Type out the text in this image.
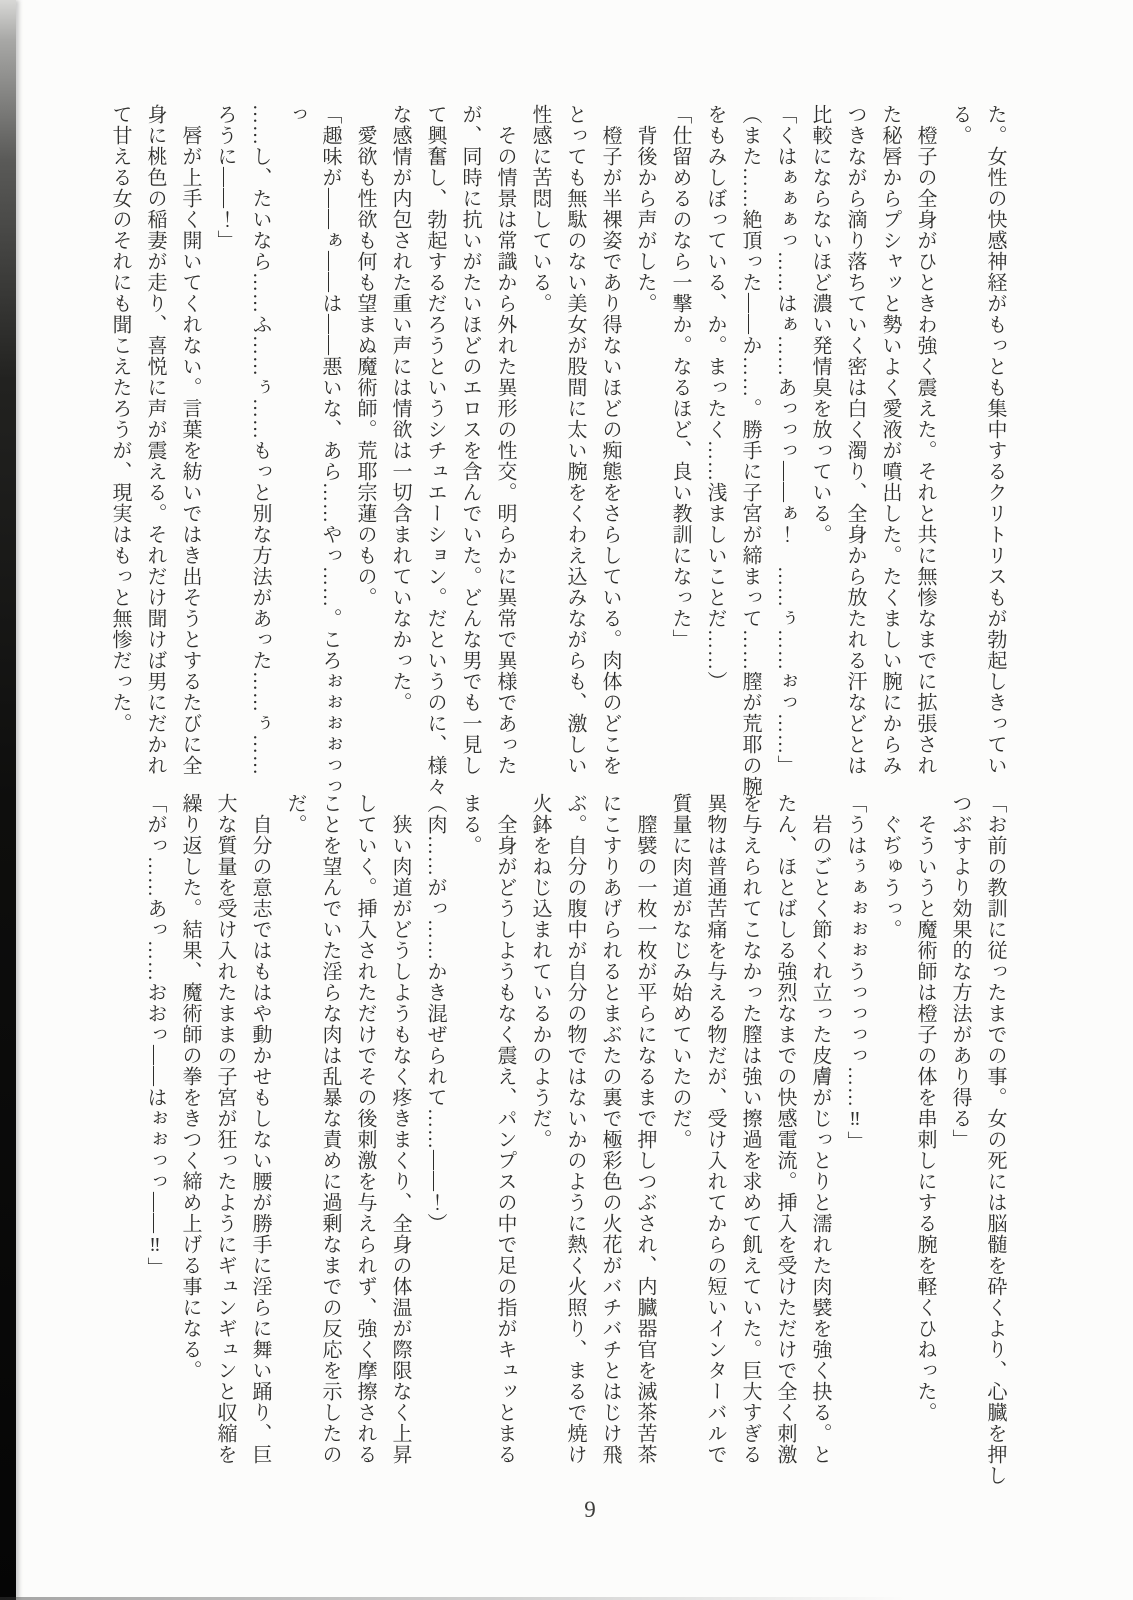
た。女性の快感神経がもっとも集中するクリトリスもが勃起しきってい
る。
　橙子の全身がひときわ強く震えた。それと共に無惨なまでに拡張され
た秘唇からプシャッと勢いよく愛液が噴出した。たくましい腕にからみ
つきながら滴り落ちていく密は白く濁り、全身から放たれる汗などとは
比較にならないほど濃い発情臭を放っている。
「くはぁぁぁっ……はぁ……あっっっ――ぁ！　……ぅ……ぉっ……」
（また……絶頂った――か……。勝手に子宮が締まって……膣が荒耶の腕
をもみしぼっている、か。まったく……浅ましいことだ……）
「仕留めるのなら一撃か。なるほど、良い教訓になった」
　背後から声がした。
　橙子が半裸姿であり得ないほどの痴態をさらしている。肉体のどこを
とっても無駄のない美女が股間に太い腕をくわえ込みながらも、激しい
性感に苦悶している。
　その情景は常識から外れた異形の性交。明らかに異常で異様であった
が、同時に抗いがたいほどのエロスを含んでいた。どんな男でも一見し
て興奮し、勃起するだろうというシチュエーション。だというのに、様々
な感情が内包された重い声には情欲は一切含まれていなかった。
　愛欲も性欲も何も望まぬ魔術師。荒耶宗蓮のもの。
「趣味が――ぁ――は――悪いな、あら……やっ……。ころぉぉぉぉっっっ
……し、たいなら……ふ……ぅ……もっと別な方法があった……ぅ……
ろうに――！」
　唇が上手く開いてくれない。言葉を紡いではき出そうとするたびに全
身に桃色の稲妻が走り、喜悦に声が震える。それだけ聞けば男にだかれ
て甘える女のそれにも聞こえたろうが、現実はもっと無惨だった。
「お前の教訓に従ったまでの事。女の死には脳髄を砕くより、心臓を押し
つぶすより効果的な方法があり得る」
　そういうと魔術師は橙子の体を串刺しにする腕を軽くひねった。
　ぐぢゅうっ。
「うはぅぁぉぉぉうっっっっ……‼」
　岩のごとく節くれ立った皮膚がじっとりと濡れた肉襞を強く抉る。と
たん、ほとばしる強烈なまでの快感電流。挿入を受けただけで全く刺激
を与えられてこなかった膣は強い擦過を求めて飢えていた。巨大すぎる
異物は普通苦痛を与える物だが、受け入れてからの短いインターバルで
質量に肉道がなじみ始めていたのだ。
　膣襞の一枚一枚が平らになるまで押しつぶされ、内臓器官を滅茶苦茶
にこすりあげられるとまぶたの裏で極彩色の火花がバチバチとはじけ飛
ぶ。自分の腹中が自分の物ではないかのように熱く火照り、まるで焼け
火鉢をねじ込まれているかのようだ。
　全身がどうしようもなく震え、パンプスの中で足の指がキュッとまる
まる。
（肉……がっ……かき混ぜられて……――！）
　狭い肉道がどうしようもなく疼きまくり、全身の体温が際限なく上昇
していく。挿入されただけでその後刺激を与えられず、強く摩擦される
ことを望んでいた淫らな肉は乱暴な責めに過剰なまでの反応を示したの
だ。
　自分の意志ではもはや動かせもしない腰が勝手に淫らに舞い踊り、巨
大な質量を受け入れたままの子宮が狂ったようにギュンギュンと収縮を
繰り返した。結果、魔術師の拳をきつく締め上げる事になる。
「がっ……あっ……おおっ――はぉぉっっ――‼」
9
